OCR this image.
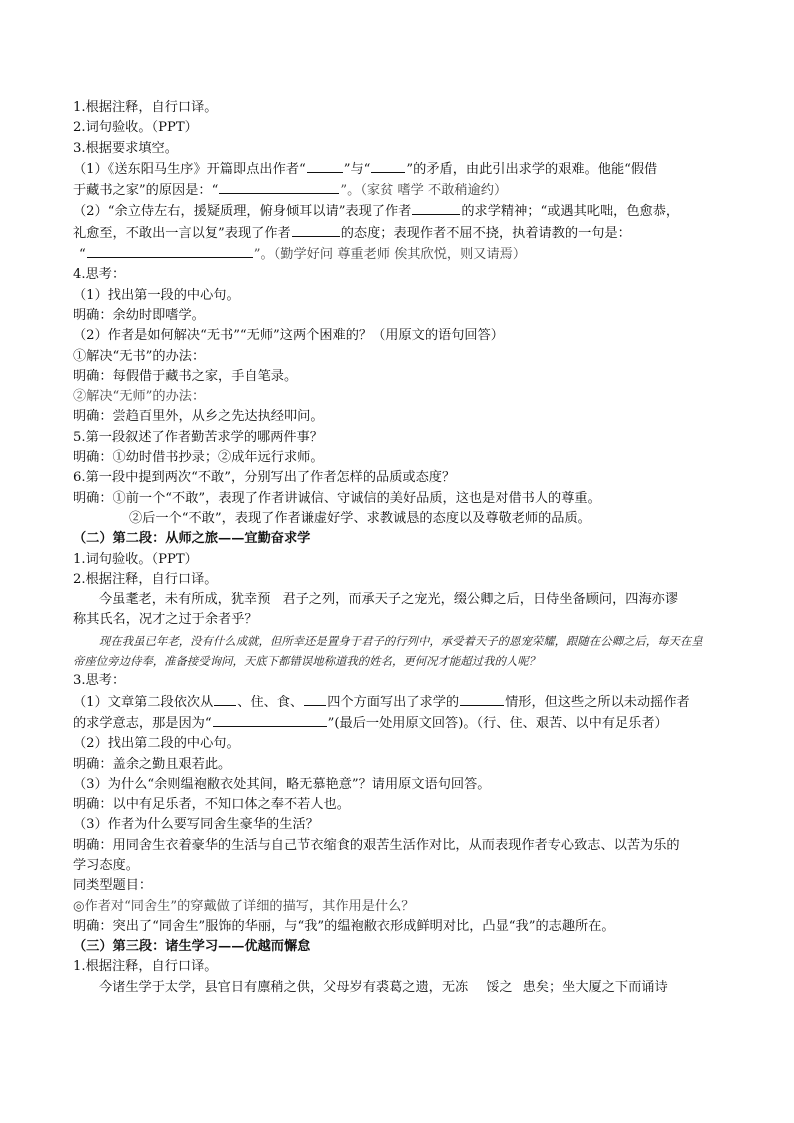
1.根据注释，自行口译。
2.词句验收。（PPT）
3.根据要求填空。
（1）《送东阳马生序》开篇即点出作者“	”与“	”的矛盾，由此引出求学的艰难。他能“假借
于藏书之家”的原因是：“	”。（家贫 嗜学 不敢稍逾约）
（2）“余立侍左右，援疑质理，俯身倾耳以请”表现了作者	的求学精神；“或遇其叱咄，色愈恭，
礼愈至，不敢出一言以复”表现了作者	的态度；表现作者不屈不挠，执着请教的一句是：
“	”。（勤学好问 尊重老师 俟其欣悦，则又请焉）
4.思考：
（1）找出第一段的中心句。
明确：余幼时即嗜学。
（2）作者是如何解决“无书”“无师”这两个困难的？（用原文的语句回答）
①解决“无书”的办法：
明确：每假借于藏书之家，手自笔录。
②解决“无师”的办法：
明确：尝趋百里外，从乡之先达执经叩问。
5.第一段叙述了作者勤苦求学的哪两件事？
明确：①幼时借书抄录；②成年远行求师。
6.第一段中提到两次“不敢”，分别写出了作者怎样的品质或态度？
明确：①前一个“不敢”，表现了作者讲诚信、守诚信的美好品质，这也是对借书人的尊重。
②后一个“不敢”，表现了作者谦虚好学、求教诚恳的态度以及尊敬老师的品质。
（二）第二段：从师之旅——宜勤奋求学
1.词句验收。（PPT）
2.根据注释，自行口译。
今虽耄老，未有所成，犹幸预 君子之列，而承天子之宠光，缀公卿之后，日侍坐备顾问，四海亦谬
称其氏名，况才之过于余者乎？
现在我虽已年老，没有什么成就，但所幸还是置身于君子的行列中，承受着天子的恩宠荣耀，跟随在公卿之后，每天在皇
帝座位旁边侍奉，准备接受询问，天底下都错误地称道我的姓名，更何况才能超过我的人呢？
3.思考：
（1）文章第二段依次从 、住、食、 四个方面写出了求学的	情形，但这些之所以未动摇作者
的求学意志，那是因为“	”(最后一处用原文回答)。（行、住、艰苦、以中有足乐者）
（2）找出第二段的中心句。
明确：盖余之勤且艰若此。
（3）为什么“余则缊袍敝衣处其间，略无慕艳意”？请用原文语句回答。
明确：以中有足乐者，不知口体之奉不若人也。
（3）作者为什么要写同舍生豪华的生活？
明确：用同舍生衣着豪华的生活与自己节衣缩食的艰苦生活作对比，从而表现作者专心致志、以苦为乐的
学习态度。
同类型题目：
◎作者对“同舍生”的穿戴做了详细的描写，其作用是什么？
明确：突出了“同舍生”服饰的华丽，与“我”的缊袍敝衣形成鲜明对比，凸显“我”的志趣所在。
（三）第三段：诸生学习——优越而懈怠
1.根据注释，自行口译。
今诸生学于太学，县官日有廪稍之供，父母岁有裘葛之遗，无冻 馁之 患矣；坐大厦之下而诵诗
